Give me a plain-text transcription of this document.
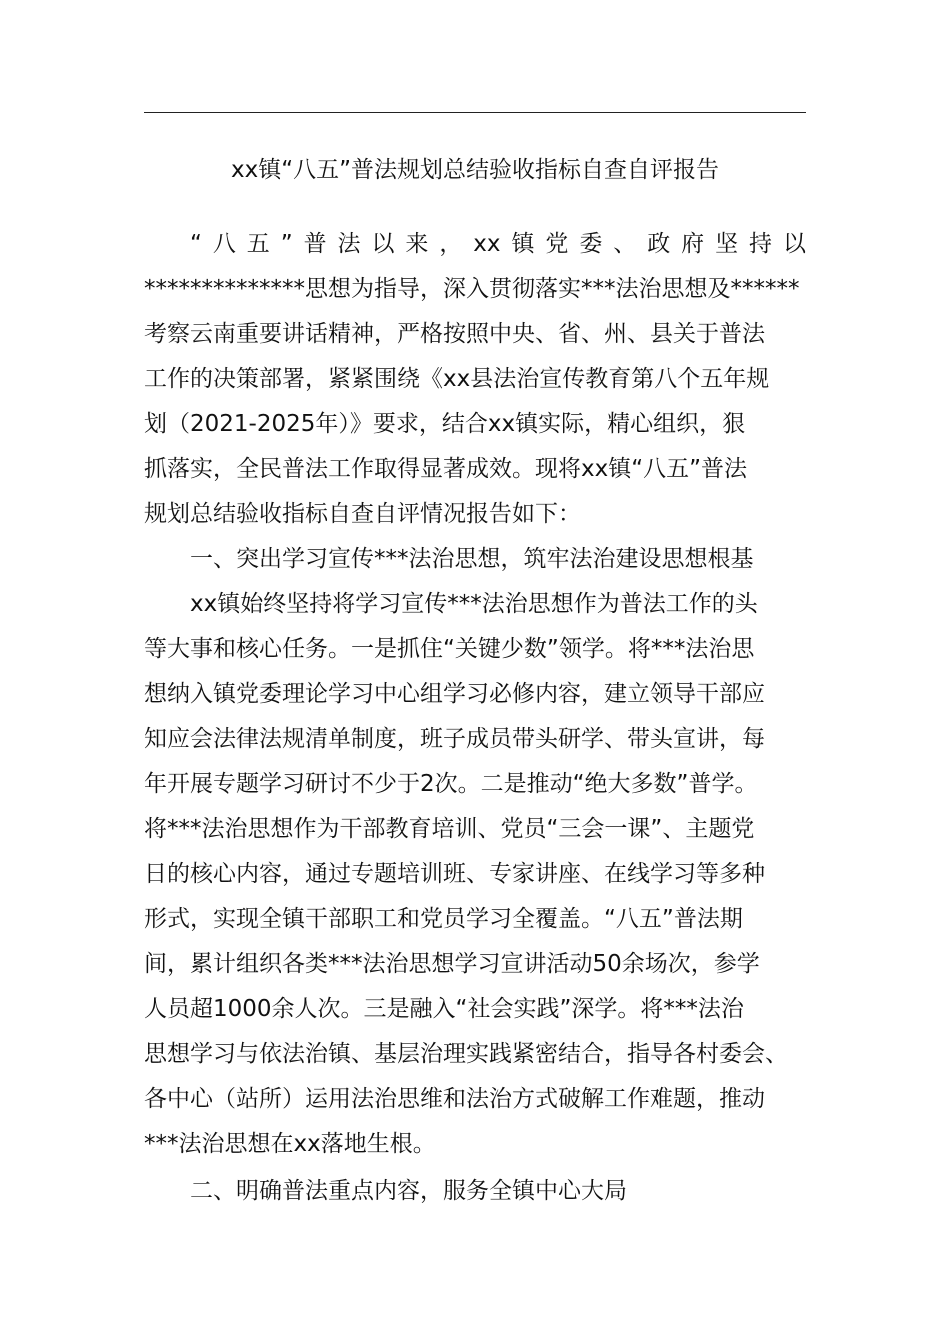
xx镇“八五”普法规划总结验收指标自查自评报告
“ 八 五 ” 普 法 以 来 ， xx 镇 党 委 、 政 府 坚 持 以
**************思想为指导，深入贯彻落实***法治思想及******
考察云南重要讲话精神，严格按照中央、省、州、县关于普法
工作的决策部署，紧紧围绕《xx县法治宣传教育第八个五年规
划（2021-2025年）》要求，结合xx镇实际，精心组织，狠
抓落实，全民普法工作取得显著成效。现将xx镇“八五”普法
规划总结验收指标自查自评情况报告如下：
一、突出学习宣传***法治思想，筑牢法治建设思想根基
xx镇始终坚持将学习宣传***法治思想作为普法工作的头
等大事和核心任务。一是抓住“关键少数”领学。将***法治思
想纳入镇党委理论学习中心组学习必修内容，建立领导干部应
知应会法律法规清单制度，班子成员带头研学、带头宣讲，每
年开展专题学习研讨不少于2次。二是推动“绝大多数”普学。
将***法治思想作为干部教育培训、党员“三会一课”、主题党
日的核心内容，通过专题培训班、专家讲座、在线学习等多种
形式，实现全镇干部职工和党员学习全覆盖。“八五”普法期
间，累计组织各类***法治思想学习宣讲活动50余场次，参学
人员超1000余人次。三是融入“社会实践”深学。将***法治
思想学习与依法治镇、基层治理实践紧密结合，指导各村委会、
各中心（站所）运用法治思维和法治方式破解工作难题，推动
***法治思想在xx落地生根。
二、明确普法重点内容，服务全镇中心大局
